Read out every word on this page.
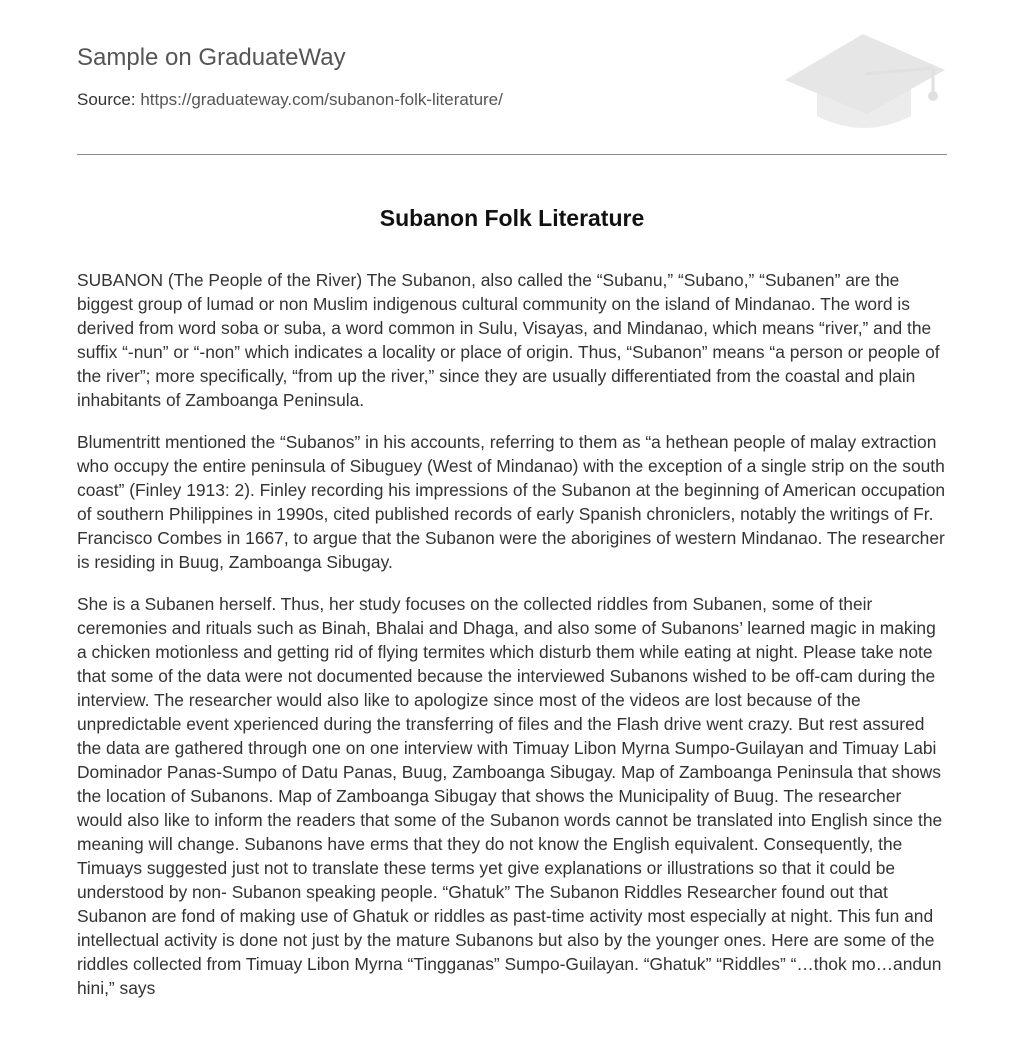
Sample on GraduateWay
Source: https://graduateway.com/subanon-folk-literature/
Subanon Folk Literature

SUBANON (The People of the River) The Subanon, also called the “Subanu,” “Subano,” “Subanen” are the biggest group of lumad or non Muslim indigenous cultural community on the island of Mindanao. The word is derived from word soba or suba, a word common in Sulu, Visayas, and Mindanao, which means “river,” and the suffix “-nun” or “-non” which indicates a locality or place of origin. Thus, “Subanon” means “a person or people of the river”; more specifically, “from up the river,” since they are usually differentiated from the coastal and plain inhabitants of Zamboanga Peninsula.

Blumentritt mentioned the “Subanos” in his accounts, referring to them as “a hethean people of malay extraction who occupy the entire peninsula of Sibuguey (West of Mindanao) with the exception of a single strip on the south coast” (Finley 1913: 2). Finley recording his impressions of the Subanon at the beginning of American occupation of southern Philippines in 1990s, cited published records of early Spanish chroniclers, notably the writings of Fr. Francisco Combes in 1667, to argue that the Subanon were the aborigines of western Mindanao. The researcher is residing in Buug, Zamboanga Sibugay.

She is a Subanen herself. Thus, her study focuses on the collected riddles from Subanen, some of their ceremonies and rituals such as Binah, Bhalai and Dhaga, and also some of Subanons’ learned magic in making a chicken motionless and getting rid of flying termites which disturb them while eating at night. Please take note that some of the data were not documented because the interviewed Subanons wished to be off-cam during the interview. The researcher would also like to apologize since most of the videos are lost because of the unpredictable event xperienced during the transferring of files and the Flash drive went crazy. But rest assured the data are gathered through one on one interview with Timuay Libon Myrna Sumpo-Guilayan and Timuay Labi Dominador Panas-Sumpo of Datu Panas, Buug, Zamboanga Sibugay. Map of Zamboanga Peninsula that shows the location of Subanons. Map of Zamboanga Sibugay that shows the Municipality of Buug. The researcher would also like to inform the readers that some of the Subanon words cannot be translated into English since the meaning will change. Subanons have erms that they do not know the English equivalent. Consequently, the Timuays suggested just not to translate these terms yet give explanations or illustrations so that it could be understood by non- Subanon speaking people. “Ghatuk” The Subanon Riddles Researcher found out that Subanon are fond of making use of Ghatuk or riddles as past-time activity most especially at night. This fun and intellectual activity is done not just by the mature Subanons but also by the younger ones. Here are some of the riddles collected from Timuay Libon Myrna “Tingganas” Sumpo-Guilayan. “Ghatuk” “Riddles” “…thok mo…andun hini,” says
